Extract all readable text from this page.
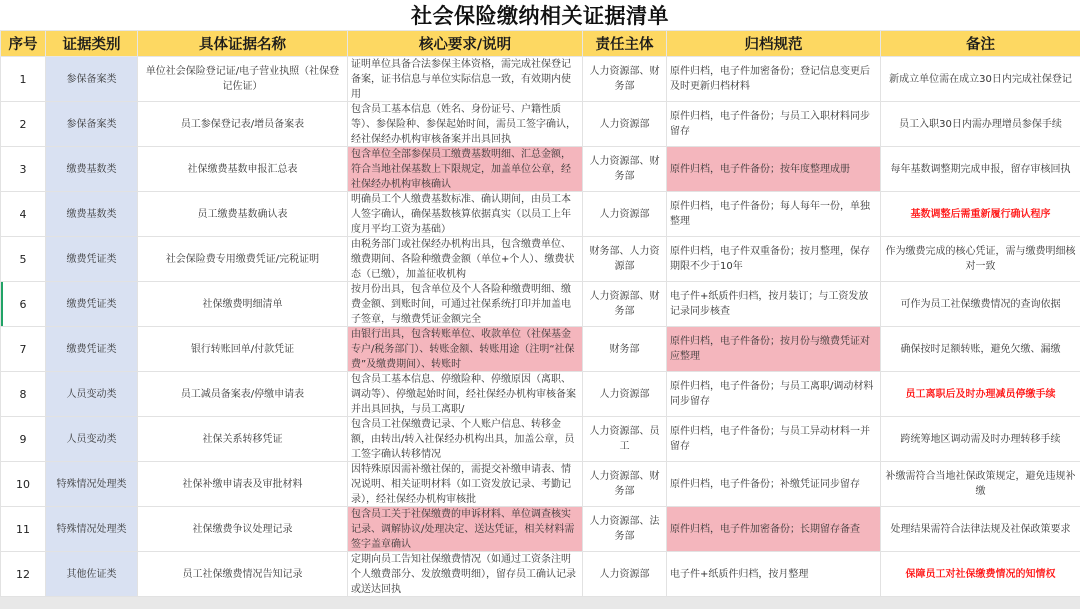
社会保险缴纳相关证据清单
序号	证据类别	具体证据名称	核心要求/说明	责任主体	归档规范	备注
1	参保备案类	单位社会保险登记证/电子营业执照（社保登记佐证）	证明单位具备合法参保主体资格，需完成社保登记备案，证书信息与单位实际信息一致，有效期内使用	人力资源部、财务部	原件归档，电子件加密备份；登记信息变更后及时更新归档材料	新成立单位需在成立30日内完成社保登记
2	参保备案类	员工参保登记表/增员备案表	包含员工基本信息（姓名、身份证号、户籍性质等）、参保险种、参保起始时间，需员工签字确认，经社保经办机构审核备案并出具回执	人力资源部	原件归档，电子件备份；与员工入职材料同步留存	员工入职30日内需办理增员参保手续
3	缴费基数类	社保缴费基数申报汇总表	包含单位全部参保员工缴费基数明细、汇总金额，符合当地社保基数上下限规定，加盖单位公章，经社保经办机构审核确认	人力资源部、财务部	原件归档，电子件备份；按年度整理成册	每年基数调整期完成申报，留存审核回执
4	缴费基数类	员工缴费基数确认表	明确员工个人缴费基数标准、确认期间，由员工本人签字确认，确保基数核算依据真实（以员工上年度月平均工资为基础）	人力资源部	原件归档，电子件备份；每人每年一份，单独整理	基数调整后需重新履行确认程序
5	缴费凭证类	社会保险费专用缴费凭证/完税证明	由税务部门或社保经办机构出具，包含缴费单位、缴费期间、各险种缴费金额（单位+个人）、缴费状态（已缴），加盖征收机构	财务部、人力资源部	原件归档，电子件双重备份；按月整理，保存期限不少于10年	作为缴费完成的核心凭证，需与缴费明细核对一致
6	缴费凭证类	社保缴费明细清单	按月份出具，包含单位及个人各险种缴费明细、缴费金额、到账时间，可通过社保系统打印并加盖电子签章，与缴费凭证金额完全	人力资源部、财务部	电子件+纸质件归档，按月装订；与工资发放记录同步核查	可作为员工社保缴费情况的查询依据
7	缴费凭证类	银行转账回单/付款凭证	由银行出具，包含转账单位、收款单位（社保基金专户/税务部门）、转账金额、转账用途（注明“社保费”及缴费期间）、转账时	财务部	原件归档，电子件备份；按月份与缴费凭证对应整理	确保按时足额转账，避免欠缴、漏缴
8	人员变动类	员工减员备案表/停缴申请表	包含员工基本信息、停缴险种、停缴原因（离职、调动等）、停缴起始时间，经社保经办机构审核备案并出具回执，与员工离职/	人力资源部	原件归档，电子件备份；与员工离职/调动材料同步留存	员工离职后及时办理减员停缴手续
9	人员变动类	社保关系转移凭证	包含员工社保缴费记录、个人账户信息、转移金额，由转出/转入社保经办机构出具，加盖公章，员工签字确认转移情况	人力资源部、员工	原件归档，电子件备份；与员工异动材料一并留存	跨统筹地区调动需及时办理转移手续
10	特殊情况处理类	社保补缴申请表及审批材料	因特殊原因需补缴社保的，需提交补缴申请表、情况说明、相关证明材料（如工资发放记录、考勤记录），经社保经办机构审核批	人力资源部、财务部	原件归档，电子件备份；补缴凭证同步留存	补缴需符合当地社保政策规定，避免违规补缴
11	特殊情况处理类	社保缴费争议处理记录	包含员工关于社保缴费的申诉材料、单位调查核实记录、调解协议/处理决定、送达凭证，相关材料需签字盖章确认	人力资源部、法务部	原件归档，电子件加密备份；长期留存备查	处理结果需符合法律法规及社保政策要求
12	其他佐证类	员工社保缴费情况告知记录	定期向员工告知社保缴费情况（如通过工资条注明个人缴费部分、发放缴费明细），留存员工确认记录或送达回执	人力资源部	电子件+纸质件归档，按月整理	保障员工对社保缴费情况的知情权
